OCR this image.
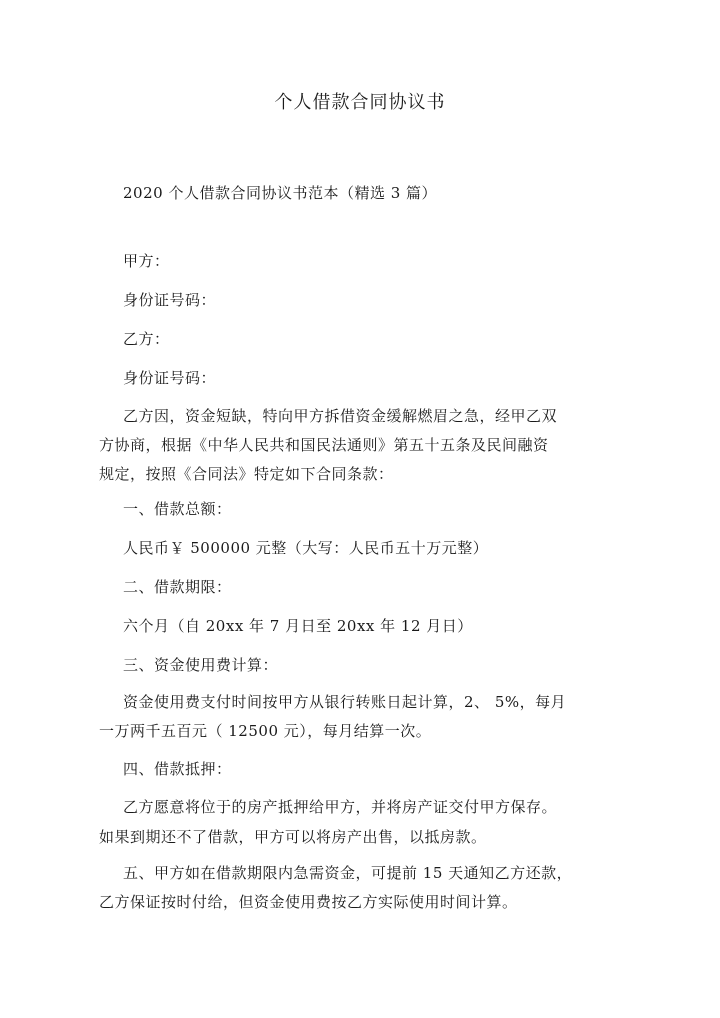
个人借款合同协议书
2020 个人借款合同协议书范本（精选 3 篇）
甲方：
身份证号码：
乙方：
身份证号码：
乙方因，资金短缺，特向甲方拆借资金缓解燃眉之急，经甲乙双
方协商，根据《中华人民共和国民法通则》第五十五条及民间融资
规定，按照《合同法》特定如下合同条款：
一、借款总额：
人民币￥ 500000 元整（大写：人民币五十万元整）
二、借款期限：
六个月（自 20xx 年 7 月日至 20xx 年 12 月日）
三、资金使用费计算：
资金使用费支付时间按甲方从银行转账日起计算，2、 5%，每月
一万两千五百元（ 12500 元），每月结算一次。
四、借款抵押：
乙方愿意将位于的房产抵押给甲方，并将房产证交付甲方保存。
如果到期还不了借款，甲方可以将房产出售，以抵房款。
五、甲方如在借款期限内急需资金，可提前 15 天通知乙方还款，
乙方保证按时付给，但资金使用费按乙方实际使用时间计算。
